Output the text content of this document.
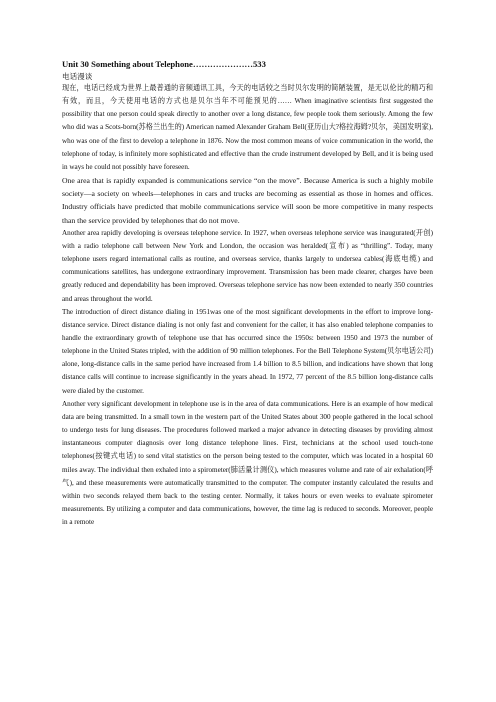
Unit 30 Something about Telephone…………………533

电话漫谈

现在，电话已经成为世界上最普通的音频通讯工具，今天的电话较之当时贝尔发明的简陋装置，是无以伦比的精巧和有效，而且，今天使用电话的方式也是贝尔当年不可能预见的…… When imaginative scientists first suggested the possibility that one person could speak directly to another over a long distance, few people took them seriously. Among the few who did was a Scots-born(苏格兰出生的) American named Alexander Graham Bell(亚历山大?格拉海姆?贝尔，美国发明家), who was one of the first to develop a telephone in 1876. Now the most common means of voice communication in the world, the telephone of today, is infinitely more sophisticated and effective than the crude instrument developed by Bell, and it is being used in ways he could not possibly have foreseen.

One area that is rapidly expanded is communications service “on the move”. Because America is such a highly mobile society—a society on wheels—telephones in cars and trucks are becoming as essential as those in homes and offices. Industry officials have predicted that mobile communications service will soon be more competitive in many respects than the service provided by telephones that do not move.

Another area rapidly developing is overseas telephone service. In 1927, when overseas telephone service was inaugurated(开创) with a radio telephone call between New York and London, the occasion was heralded(宣布) as “thrilling”. Today, many telephone users regard international calls as routine, and overseas service, thanks largely to undersea cables(海底电缆) and communications satellites, has undergone extraordinary improvement. Transmission has been made clearer, charges have been greatly reduced and dependability has been improved. Overseas telephone service has now been extended to nearly 350 countries and areas throughout the world.

The introduction of direct distance dialing in 1951was one of the most significant developments in the effort to improve long-distance service. Direct distance dialing is not only fast and convenient for the caller, it has also enabled telephone companies to handle the extraordinary growth of telephone use that has occurred since the 1950s: between 1950 and 1973 the number of telephone in the United States tripled, with the addition of 90 million telephones. For the Bell Telephone System(贝尔电话公司) alone, long-distance calls in the same period have increased from 1.4 billion to 8.5 billion, and indications have shown that long distance calls will continue to increase significantly in the years ahead. In 1972, 77 percent of the 8.5 billion long-distance calls were dialed by the customer.

Another very significant development in telephone use is in the area of data communications. Here is an example of how medical data are being transmitted. In a small town in the western part of the United States about 300 people gathered in the local school to undergo tests for lung diseases. The procedures followed marked a major advance in detecting diseases by providing almost instantaneous computer diagnosis over long distance telephone lines. First, technicians at the school used touch-tone telephones(按键式电话) to send vital statistics on the person being tested to the computer, which was located in a hospital 60 miles away. The individual then exhaled into a spirometer(肺活量计测仪), which measures volume and rate of air exhalation(呼气), and these measurements were automatically transmitted to the computer. The computer instantly calculated the results and within two seconds relayed them back to the testing center. Normally, it takes hours or even weeks to evaluate spirometer measurements. By utilizing a computer and data communications, however, the time lag is reduced to seconds. Moreover, people in a remote
